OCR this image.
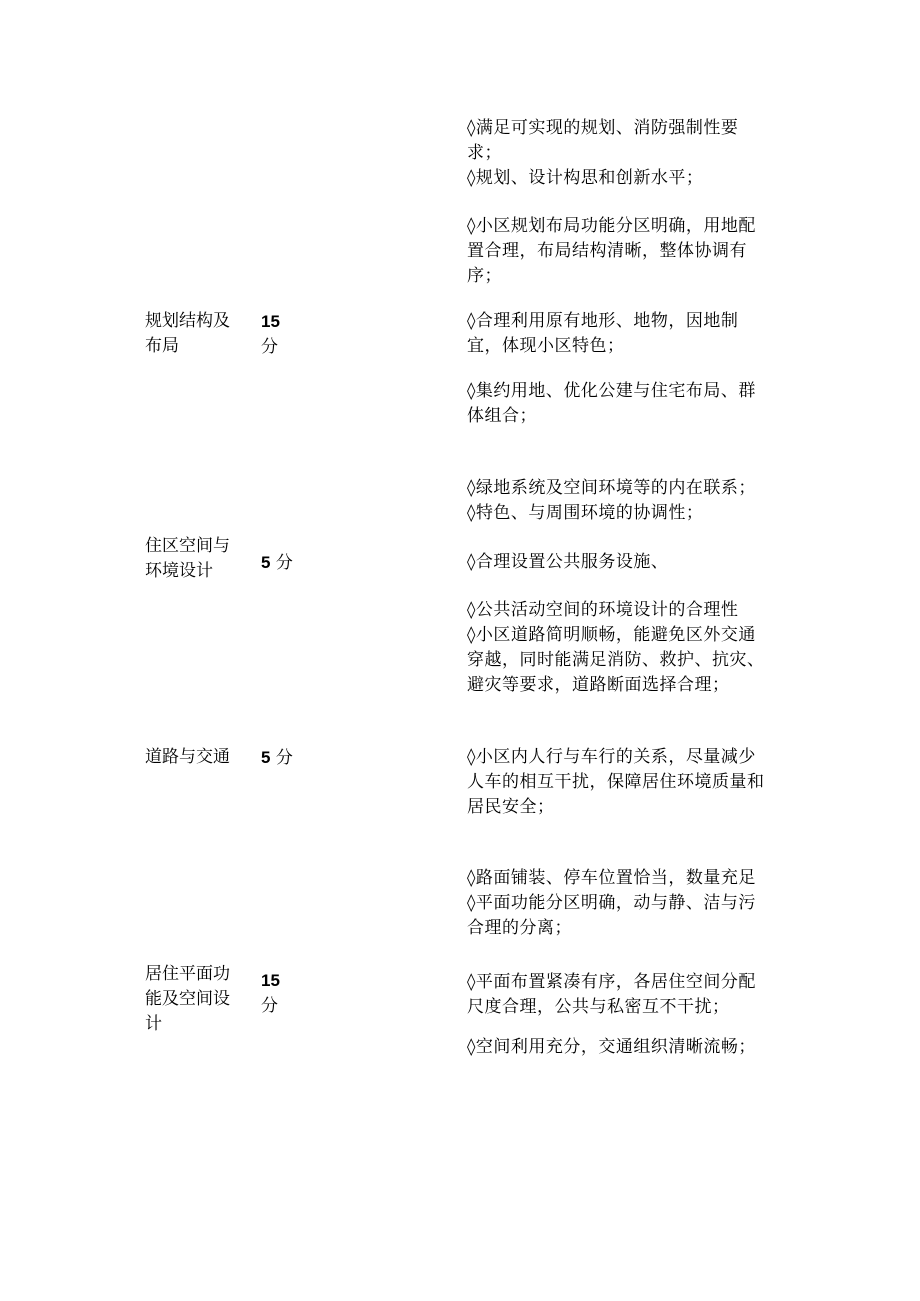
规划结构及布局
15
分
◊满足可实现的规划、消防强制性要求；
◊规划、设计构思和创新水平；
◊小区规划布局功能分区明确，用地配置合理，布局结构清晰，整体协调有序；
◊合理利用原有地形、地物，因地制宜，体现小区特色；
◊集约用地、优化公建与住宅布局、群体组合；
住区空间与环境设计	5 分
◊绿地系统及空间环境等的内在联系；
◊特色、与周围环境的协调性；
◊合理设置公共服务设施、
◊公共活动空间的环境设计的合理性
道路与交通	5 分
◊小区道路简明顺畅，能避免区外交通穿越，同时能满足消防、救护、抗灾、避灾等要求，道路断面选择合理；
◊小区内人行与车行的关系，尽量减少人车的相互干扰，保障居住环境质量和居民安全；
◊路面铺装、停车位置恰当，数量充足
居住平面功能及空间设计
15
分
◊平面功能分区明确，动与静、洁与污合理的分离；
◊平面布置紧凑有序，各居住空间分配尺度合理，公共与私密互不干扰；
◊空间利用充分，交通组织清晰流畅；
